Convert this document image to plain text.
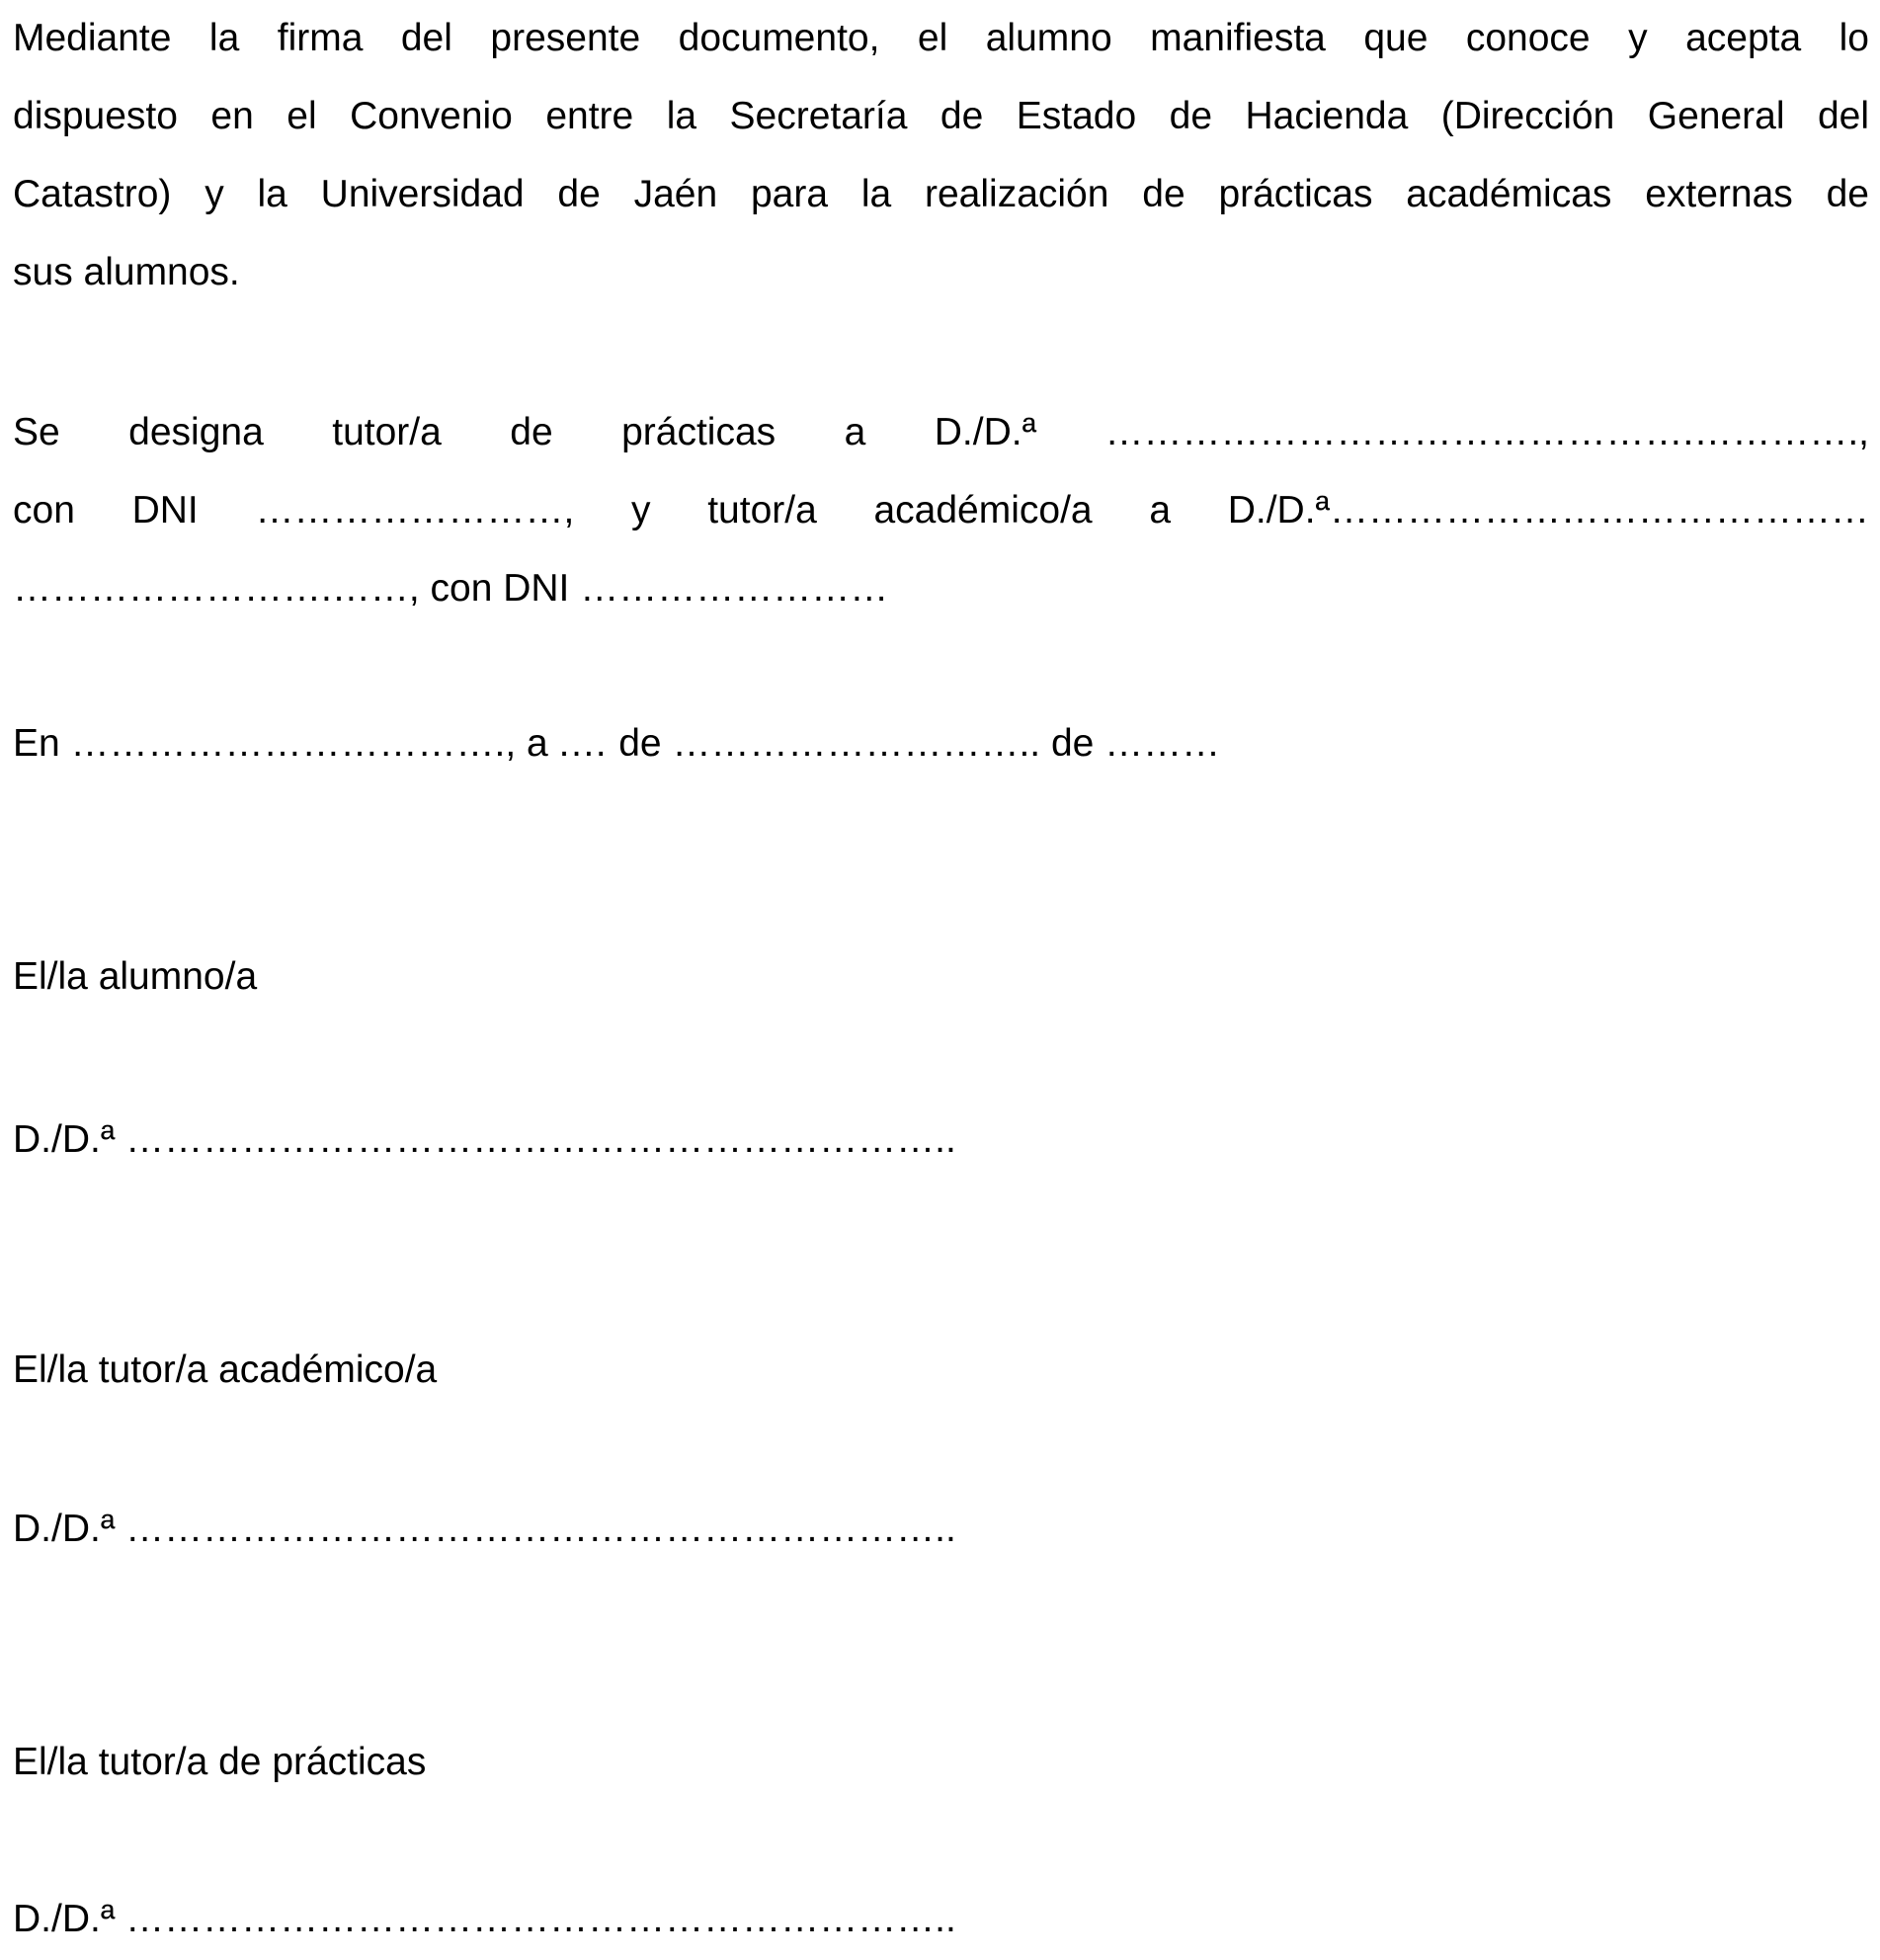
Mediante la firma del presente documento, el alumno manifiesta que conoce y acepta lo
dispuesto en el Convenio entre la Secretaría de Estado de Hacienda (Dirección General del
Catastro) y la Universidad de Jaén para la realización de prácticas académicas externas de
sus alumnos.
Se designa tutor/a de prácticas a D./D.ª ……………………………………….………….,
con DNI ……………………, y tutor/a académico/a a D./D.ª……………………………………
…………………….……, con DNI ……………………
En ……………………………., a .… de ……………………….. de ………
El/la alumno/a
D./D.ª ………………………………………………………..
El/la tutor/a académico/a
D./D.ª ………………………………………………………..
El/la tutor/a de prácticas
D./D.ª ………………………………………………………..
